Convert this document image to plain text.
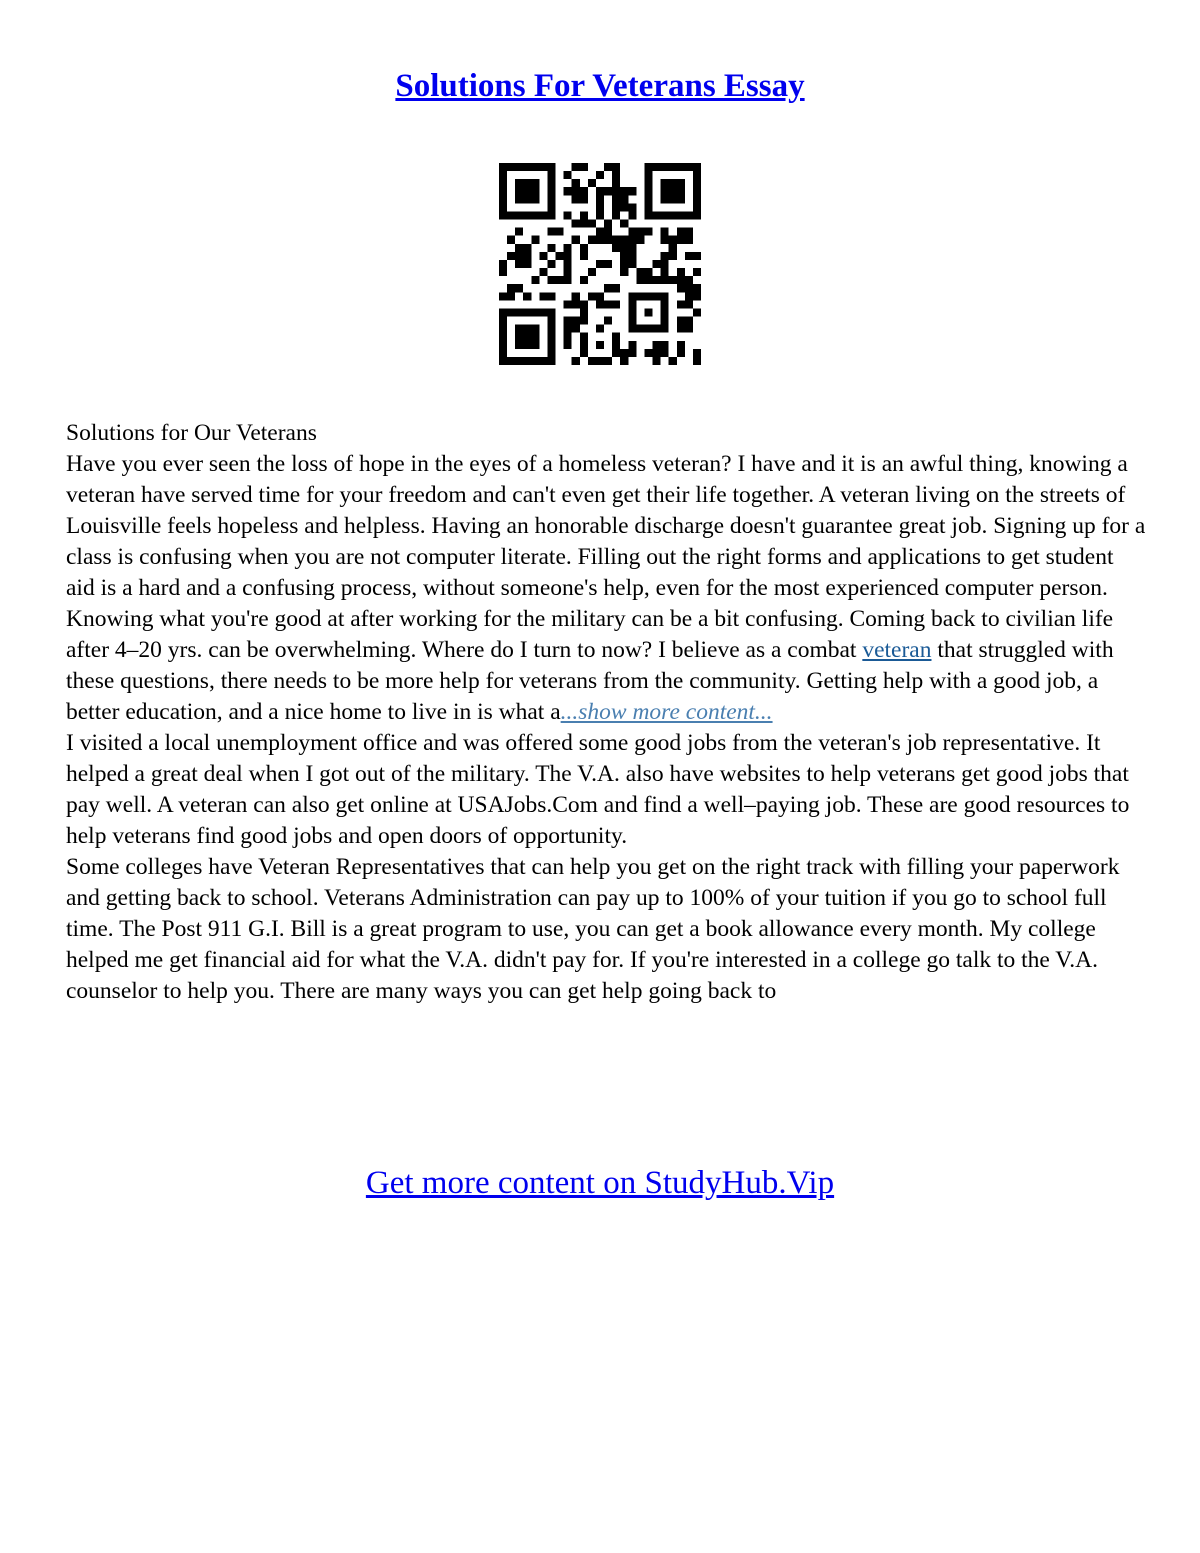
Solutions For Veterans Essay

Solutions for Our Veterans

Have you ever seen the loss of hope in the eyes of a homeless veteran? I have and it is an awful thing, knowing a veteran have served time for your freedom and can't even get their life together. A veteran living on the streets of Louisville feels hopeless and helpless. Having an honorable discharge doesn't guarantee great job. Signing up for a class is confusing when you are not computer literate. Filling out the right forms and applications to get student aid is a hard and a confusing process, without someone's help, even for the most experienced computer person. Knowing what you're good at after working for the military can be a bit confusing. Coming back to civilian life after 4–20 yrs. can be overwhelming. Where do I turn to now? I believe as a combat veteran that struggled with these questions, there needs to be more help for veterans from the community. Getting help with a good job, a better education, and a nice home to live in is what a...show more content...

I visited a local unemployment office and was offered some good jobs from the veteran's job representative. It helped a great deal when I got out of the military. The V.A. also have websites to help veterans get good jobs that pay well. A veteran can also get online at USAJobs.Com and find a well–paying job. These are good resources to help veterans find good jobs and open doors of opportunity.

Some colleges have Veteran Representatives that can help you get on the right track with filling your paperwork and getting back to school. Veterans Administration can pay up to 100% of your tuition if you go to school full time. The Post 911 G.I. Bill is a great program to use, you can get a book allowance every month. My college helped me get financial aid for what the V.A. didn't pay for. If you're interested in a college go talk to the V.A. counselor to help you. There are many ways you can get help going back to

Get more content on StudyHub.Vip
